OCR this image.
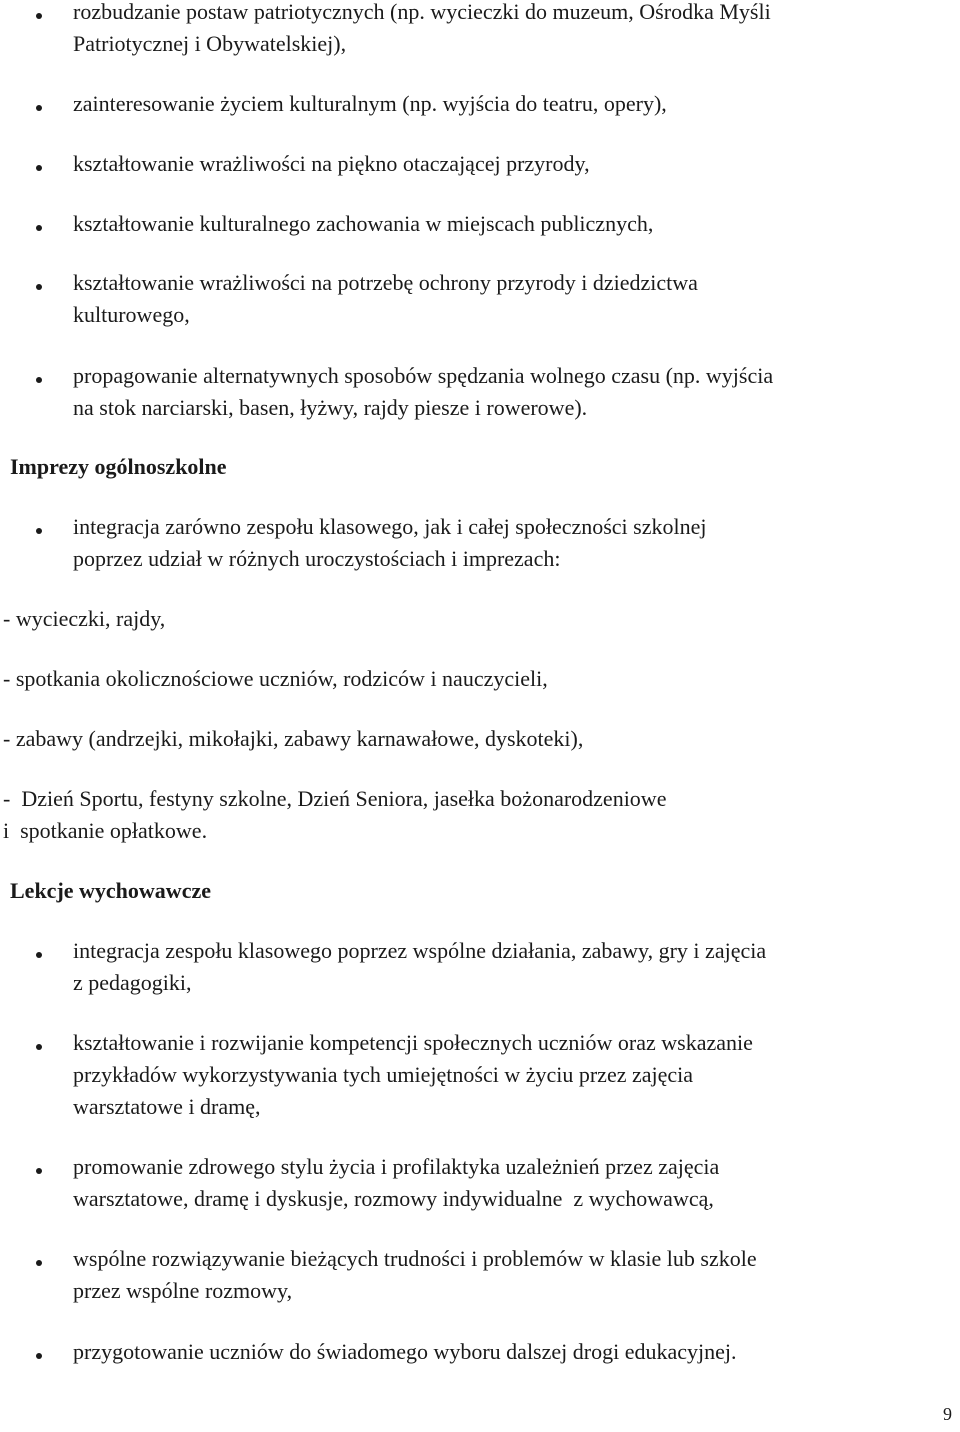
rozbudzanie postaw patriotycznych (np. wycieczki do muzeum, Ośrodka Myśli
Patriotycznej i Obywatelskiej),
zainteresowanie życiem kulturalnym (np. wyjścia do teatru, opery),
kształtowanie wrażliwości na piękno otaczającej przyrody,
kształtowanie kulturalnego zachowania w miejscach publicznych,
kształtowanie wrażliwości na potrzebę ochrony przyrody i dziedzictwa
kulturowego,
propagowanie alternatywnych sposobów spędzania wolnego czasu (np. wyjścia
na stok narciarski, basen, łyżwy, rajdy piesze i rowerowe).
Imprezy ogólnoszkolne
integracja zarówno zespołu klasowego, jak i całej społeczności szkolnej
poprzez udział w różnych uroczystościach i imprezach:
- wycieczki, rajdy,
- spotkania okolicznościowe uczniów, rodziców i nauczycieli,
- zabawy (andrzejki, mikołajki, zabawy karnawałowe, dyskoteki),
-  Dzień Sportu, festyny szkolne, Dzień Seniora, jasełka bożonarodzeniowe
i  spotkanie opłatkowe.
Lekcje wychowawcze
integracja zespołu klasowego poprzez wspólne działania, zabawy, gry i zajęcia
z pedagogiki,
kształtowanie i rozwijanie kompetencji społecznych uczniów oraz wskazanie
przykładów wykorzystywania tych umiejętności w życiu przez zajęcia
warsztatowe i dramę,
promowanie zdrowego stylu życia i profilaktyka uzależnień przez zajęcia
warsztatowe, dramę i dyskusje, rozmowy indywidualne  z wychowawcą,
wspólne rozwiązywanie bieżących trudności i problemów w klasie lub szkole
przez wspólne rozmowy,
przygotowanie uczniów do świadomego wyboru dalszej drogi edukacyjnej.
9
